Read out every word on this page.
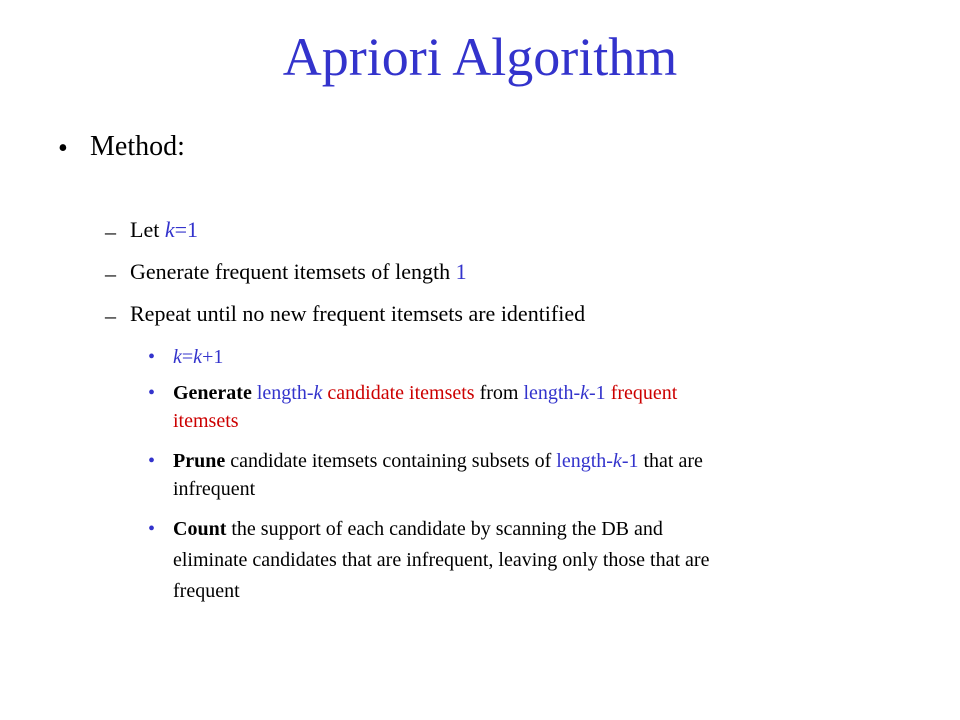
Apriori Algorithm
• Method:
– Let k=1
– Generate frequent itemsets of length 1
– Repeat until no new frequent itemsets are identified
• k=k+1
• Generate length-k candidate itemsets from length-k-1 frequent
itemsets
• Prune candidate itemsets containing subsets of length-k-1 that are
infrequent
• Count the support of each candidate by scanning the DB and
eliminate candidates that are infrequent, leaving only those that are
frequent
